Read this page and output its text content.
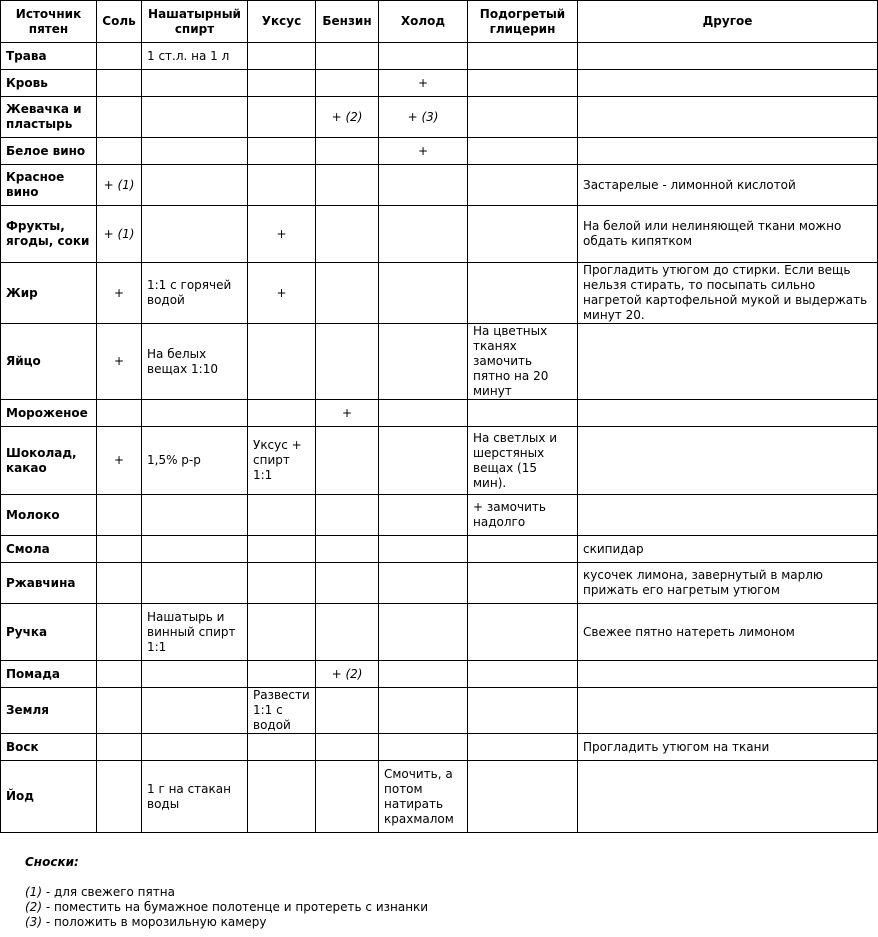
Источник пятен	Соль	Нашатырный спирт	Уксус	Бензин	Холод	Подогретый глицерин	Другое
Трава		1 ст.л. на 1 л					
Кровь					+		
Жевачка и пластырь				+ (2)	+ (3)		
Белое вино					+		
Красное вино	+ (1)						Застарелые - лимонной кислотой
Фрукты, ягоды, соки	+ (1)		+				На белой или нелиняющей ткани можно обдать кипятком
Жир	+	1:1 с горячей водой	+				Прогладить утюгом до стирки. Если вещь нельзя стирать, то посыпать сильно нагретой картофельной мукой и выдержать минут 20.
Яйцо	+	На белых вещах 1:10				На цветных тканях замочить пятно на 20 минут	
Мороженое				+			
Шоколад, какао	+	1,5% р-р	Уксус + спирт 1:1			На светлых и шерстяных вещах (15 мин).	
Молоко						+ замочить надолго	
Смола							скипидар
Ржавчина							кусочек лимона, завернутый в марлю прижать его нагретым утюгом
Ручка		Нашатырь и винный спирт 1:1					Свежее пятно натереть лимоном
Помада				+ (2)			
Земля			Развести 1:1 с водой				
Воск							Прогладить утюгом на ткани
Йод		1 г на стакан воды			Смочить, а потом натирать крахмалом		
Сноски:
(1) - для свежего пятна
(2) - поместить на бумажное полотенце и протереть с изнанки
(3) - положить в морозильную камеру
